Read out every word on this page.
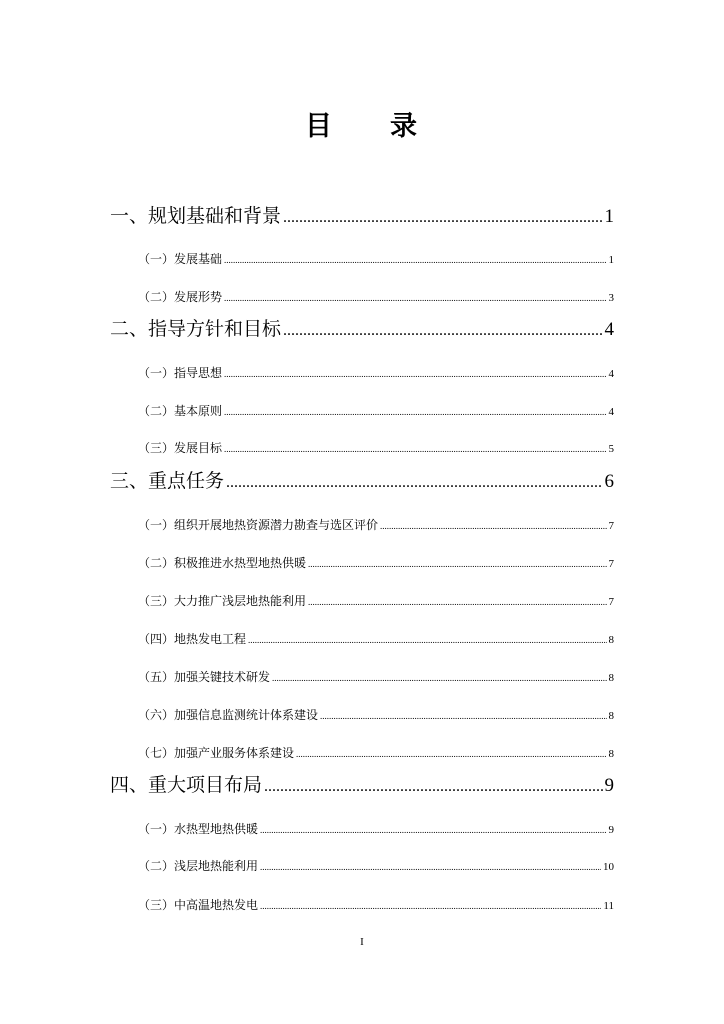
目 录
一、规划基础和背景 .....	1
（一）发展基础 .....	1
（二）发展形势 .....	3
二、指导方针和目标 .....	4
（一）指导思想 .....	4
（二）基本原则 .....	4
（三）发展目标 .....	5
三、重点任务 .....	6
（一）组织开展地热资源潜力勘查与选区评价 .....	7
（二）积极推进水热型地热供暖 .....	7
（三）大力推广浅层地热能利用 .....	7
（四）地热发电工程 .....	8
（五）加强关键技术研发 .....	8
（六）加强信息监测统计体系建设 .....	8
（七）加强产业服务体系建设 .....	8
四、重大项目布局 .....	9
（一）水热型地热供暖 .....	9
（二）浅层地热能利用 .....	10
（三）中高温地热发电 .....	11
I
